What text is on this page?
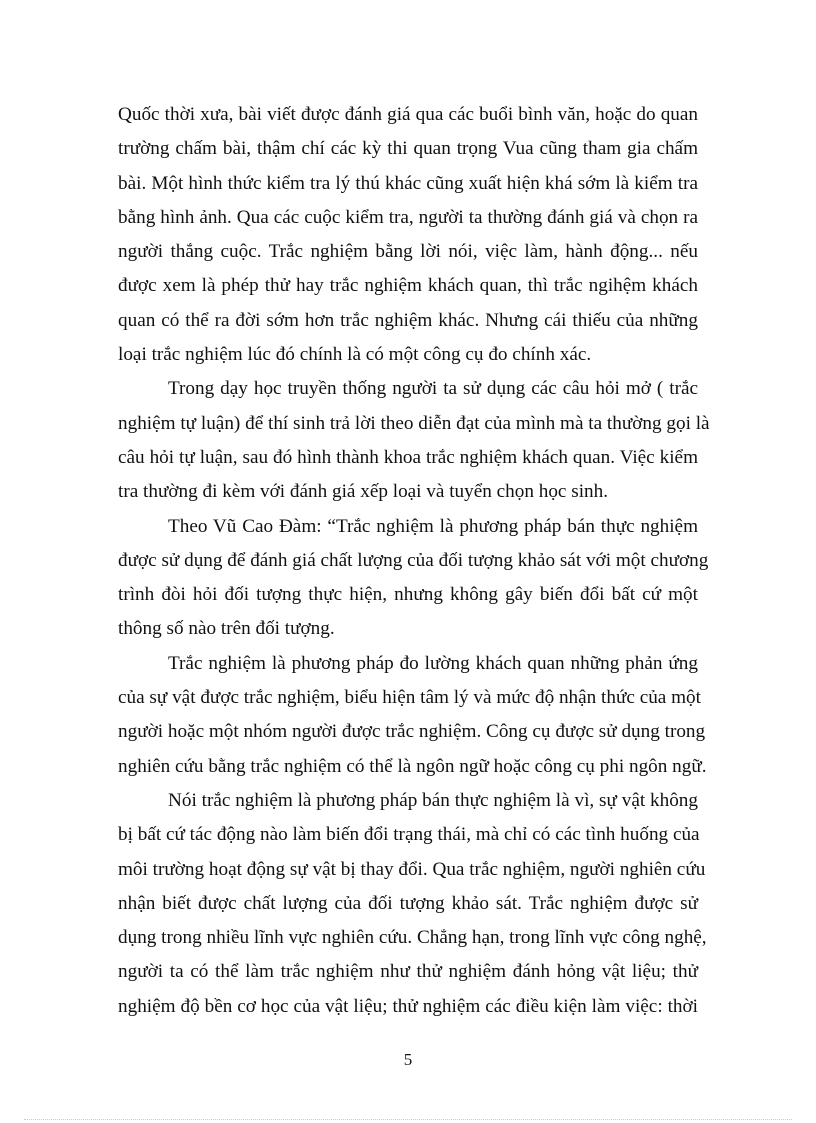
Quốc thời xưa, bài viết được đánh giá qua các buổi bình văn, hoặc do quan
trường chấm bài, thậm chí các kỳ thi quan trọng Vua cũng tham gia chấm
bài. Một hình thức kiểm tra lý thú khác cũng xuất hiện khá sớm là kiểm tra
bằng hình ảnh. Qua các cuộc kiểm tra, người ta thường đánh giá và chọn ra
người thắng cuộc. Trắc nghiệm bằng lời nói, việc làm, hành động... nếu
được xem là phép thử hay trắc nghiệm khách quan, thì trắc ngihệm khách
quan có thể ra đời sớm hơn trắc nghiệm khác. Nhưng cái thiếu của những
loại trắc nghiệm lúc đó chính là có một công cụ đo chính xác.
Trong dạy học truyền thống người ta sử dụng các câu hỏi mở ( trắc
nghiệm tự luận) để thí sinh trả lời theo diễn đạt của mình mà ta thường gọi là
câu hỏi tự luận, sau đó hình thành khoa trắc nghiệm khách quan. Việc kiểm
tra thường đi kèm với đánh giá xếp loại và tuyển chọn học sinh.
Theo Vũ Cao Đàm: “Trắc nghiệm là phương pháp bán thực nghiệm
được sử dụng để đánh giá chất lượng của đối tượng khảo sát với một chương
trình đòi hỏi đối tượng thực hiện, nhưng không gây biến đổi bất cứ một
thông số nào trên đối tượng.
Trắc nghiệm là phương pháp đo lường khách quan những phản ứng
của sự vật được trắc nghiệm, biểu hiện tâm lý và mức độ nhận thức của một
người hoặc một nhóm người được trắc nghiệm. Công cụ được sử dụng trong
nghiên cứu bằng trắc nghiệm có thể là ngôn ngữ hoặc công cụ phi ngôn ngữ.
Nói trắc nghiệm là phương pháp bán thực nghiệm là vì, sự vật không
bị bất cứ tác động nào làm biến đổi trạng thái, mà chỉ có các tình huống của
môi trường hoạt động sự vật bị thay đổi. Qua trắc nghiệm, người nghiên cứu
nhận biết được chất lượng của đối tượng khảo sát. Trắc nghiệm được sử
dụng trong nhiều lĩnh vực nghiên cứu. Chẳng hạn, trong lĩnh vực công nghệ,
người ta có thể làm trắc nghiệm như thử nghiệm đánh hỏng vật liệu; thử
nghiệm độ bền cơ học của vật liệu; thử nghiệm các điều kiện làm việc: thời
5
